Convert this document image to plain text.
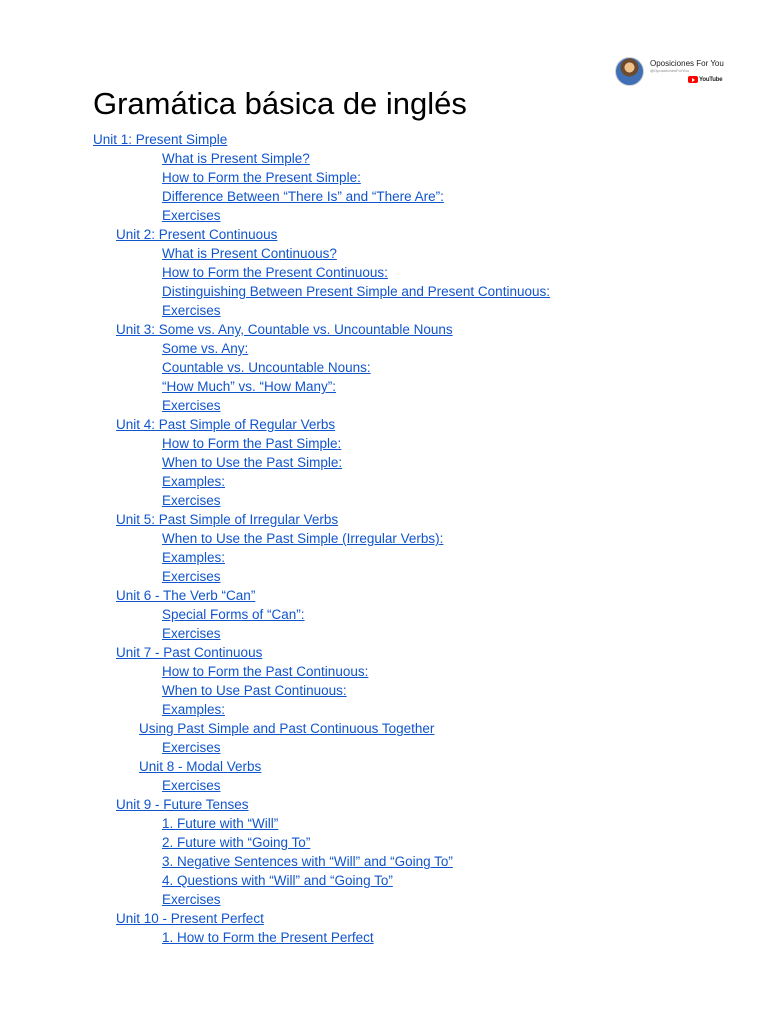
Oposiciones For You
@OposicionesForYou
YouTube
Gramática básica de inglés
Unit 1: Present Simple
What is Present Simple?
How to Form the Present Simple:
Difference Between “There Is” and “There Are”:
Exercises
Unit 2: Present Continuous
What is Present Continuous?
How to Form the Present Continuous:
Distinguishing Between Present Simple and Present Continuous:
Exercises
Unit 3: Some vs. Any, Countable vs. Uncountable Nouns
Some vs. Any:
Countable vs. Uncountable Nouns:
“How Much” vs. “How Many”:
Exercises
Unit 4: Past Simple of Regular Verbs
How to Form the Past Simple:
When to Use the Past Simple:
Examples:
Exercises
Unit 5: Past Simple of Irregular Verbs
When to Use the Past Simple (Irregular Verbs):
Examples:
Exercises
Unit 6 - The Verb “Can”
Special Forms of “Can”:
Exercises
Unit 7 - Past Continuous
How to Form the Past Continuous:
When to Use Past Continuous:
Examples:
Using Past Simple and Past Continuous Together
Exercises
Unit 8 - Modal Verbs
Exercises
Unit 9 - Future Tenses
1. Future with “Will”
2. Future with “Going To”
3. Negative Sentences with “Will” and “Going To”
4. Questions with “Will” and “Going To”
Exercises
Unit 10 - Present Perfect
1. How to Form the Present Perfect
